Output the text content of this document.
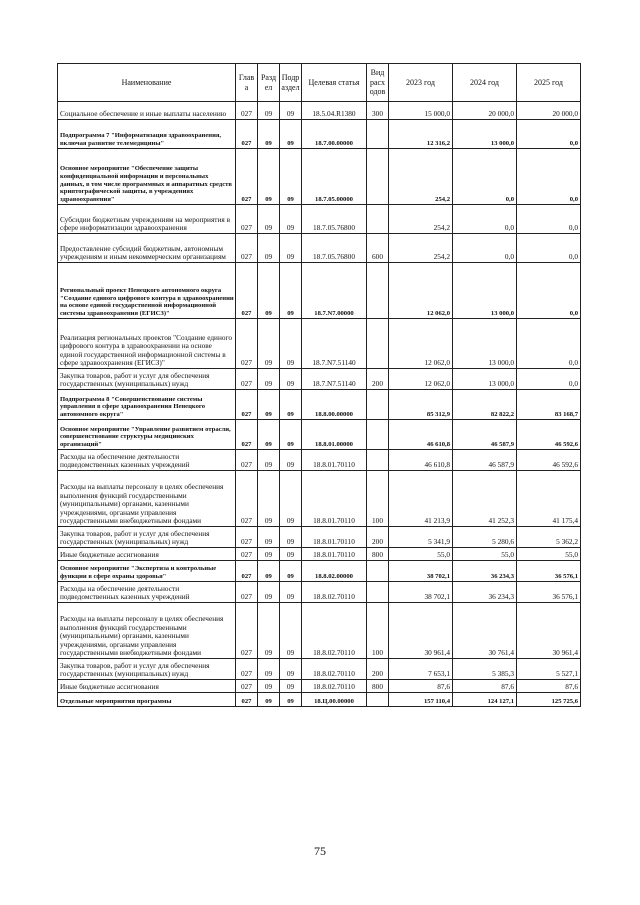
Наименование	Глав а	Разд ел	Подр аздел	Целевая статья	Вид расх одов	2023 год	2024 год	2025 год
Социальное обеспечение и иные выплаты населению	027	09	09	18.5.04.R1380	300	15 000,0	20 000,0	20 000,0
Подпрограмма 7 "Информатизация здравоохранения, включая развитие телемедицины"	027	09	09	18.7.00.00000		12 316,2	13 000,0	0,0
Основное мероприятие "Обеспечение защиты конфиденциальной информации и персональных данных, в том числе программных и аппаратных средств криптографической защиты, в учреждениях здравоохранения"	027	09	09	18.7.05.00000		254,2	0,0	0,0
Субсидии бюджетным учреждениям на мероприятия в сфере информатизации здравоохранения	027	09	09	18.7.05.76800		254,2	0,0	0,0
Предоставление субсидий бюджетным, автономным учреждениям и иным некоммерческим организациям	027	09	09	18.7.05.76800	600	254,2	0,0	0,0
Региональный проект Ненецкого автономного округа "Создание единого цифрового контура в здравоохранении на основе единой государственной информационной системы здравоохранения (ЕГИСЗ)"	027	09	09	18.7.N7.00000		12 062,0	13 000,0	0,0
Реализация региональных проектов "Создание единого цифрового контура в здравоохранении на основе единой государственной информационной системы в сфере здравоохранения (ЕГИСЗ)"	027	09	09	18.7.N7.51140		12 062,0	13 000,0	0,0
Закупка товаров, работ и услуг для обеспечения государственных (муниципальных) нужд	027	09	09	18.7.N7.51140	200	12 062,0	13 000,0	0,0
Подпрограмма 8 "Совершенствование системы управления в сфере здравоохранения Ненецкого автономного округа"	027	09	09	18.8.00.00000		85 312,9	82 822,2	83 168,7
Основное мероприятие "Управление развитием отрасли, совершенствование структуры медицинских организаций"	027	09	09	18.8.01.00000		46 610,8	46 587,9	46 592,6
Расходы на обеспечение деятельности подведомственных казенных учреждений	027	09	09	18.8.01.70110		46 610,8	46 587,9	46 592,6
Расходы на выплаты персоналу в целях обеспечения выполнения функций государственными (муниципальными) органами, казенными учреждениями, органами управления государственными внебюджетными фондами	027	09	09	18.8.01.70110	100	41 213,9	41 252,3	41 175,4
Закупка товаров, работ и услуг для обеспечения государственных (муниципальных) нужд	027	09	09	18.8.01.70110	200	5 341,9	5 280,6	5 362,2
Иные бюджетные ассигнования	027	09	09	18.8.01.70110	800	55,0	55,0	55,0
Основное мероприятие "Экспертиза и контрольные функции в сфере охраны здоровья"	027	09	09	18.8.02.00000		38 702,1	36 234,3	36 576,1
Расходы на обеспечение деятельности подведомственных казенных учреждений	027	09	09	18.8.02.70110		38 702,1	36 234,3	36 576,1
Расходы на выплаты персоналу в целях обеспечения выполнения функций государственными (муниципальными) органами, казенными учреждениями, органами управления государственными внебюджетными фондами	027	09	09	18.8.02.70110	100	30 961,4	30 761,4	30 961,4
Закупка товаров, работ и услуг для обеспечения государственных (муниципальных) нужд	027	09	09	18.8.02.70110	200	7 653,1	5 385,3	5 527,1
Иные бюджетные ассигнования	027	09	09	18.8.02.70110	800	87,6	87,6	87,6
Отдельные мероприятия программы	027	09	09	18.Ц.00.00000		157 110,4	124 127,1	125 725,6
75
